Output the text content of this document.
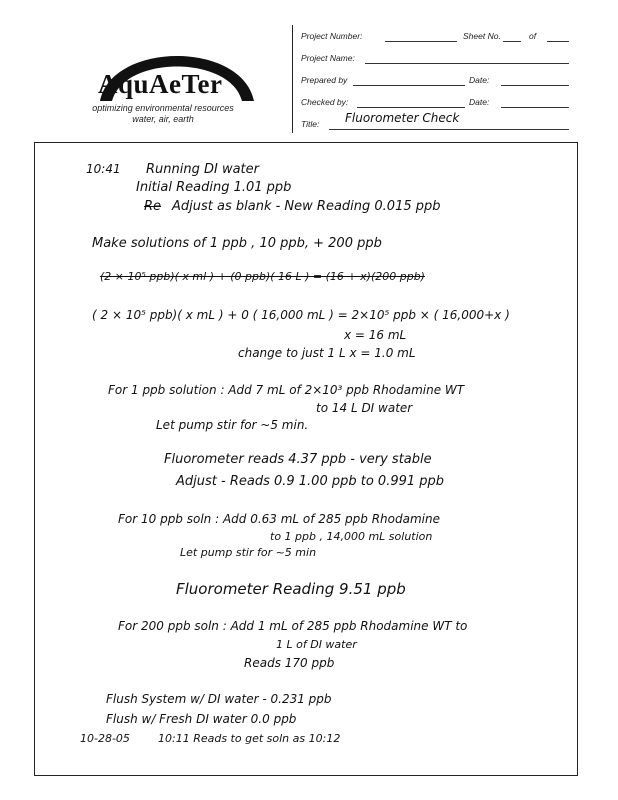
AquAeTer
optimizing environmental resources
water, air, earth
Project Number:	Sheet No.	of
Project Name:
Prepared by	Date:
Checked by:	Date:
Title: Fluorometer Check
10:41 Running DI water
Initial Reading 1.01 ppb
Re Adjust as blank - New Reading 0.015 ppb
Make solutions of 1 ppb , 10 ppb, + 200 ppb
(2 × 10⁵ ppb)( x ml ) + (0 ppb)( 16 L ) = (16 + x)(200 ppb)
( 2 × 10⁵ ppb)( x mL ) + 0 ( 16,000 mL ) = 2×10⁵ ppb × ( 16,000+x )
x = 16 mL
change to just 1 L x = 1.0 mL
For 1 ppb solution : Add 7 mL of 2×10³ ppb Rhodamine WT
to 14 L DI water
Let pump stir for ~5 min.
Fluorometer reads 4.37 ppb - very stable
Adjust - Reads 0.9 1.00 ppb to 0.991 ppb
For 10 ppb soln : Add 0.63 mL of 285 ppb Rhodamine
to 1 ppb , 14,000 mL solution
Let pump stir for ~5 min
Fluorometer Reading 9.51 ppb
For 200 ppb soln : Add 1 mL of 285 ppb Rhodamine WT to
1 L of DI water
Reads 170 ppb
Flush System w/ DI water - 0.231 ppb
Flush w/ Fresh DI water 0.0 ppb
10-28-05	10:11 Reads to get soln as 10:12
